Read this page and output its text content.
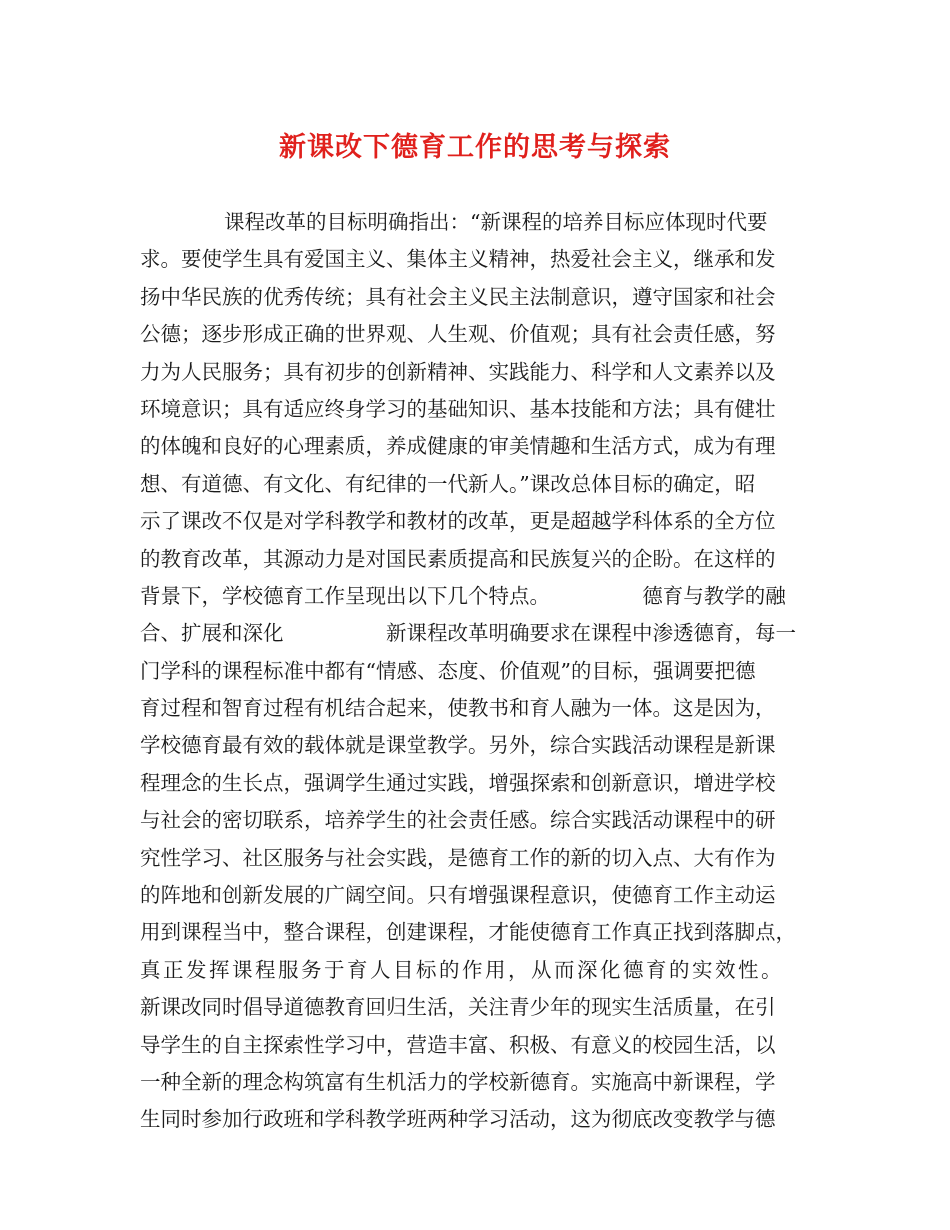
新课改下德育工作的思考与探索
课程改革的目标明确指出：“新课程的培养目标应体现时代要
求。要使学生具有爱国主义、集体主义精神，热爱社会主义，继承和发
扬中华民族的优秀传统；具有社会主义民主法制意识，遵守国家和社会
公德；逐步形成正确的世界观、人生观、价值观；具有社会责任感，努
力为人民服务；具有初步的创新精神、实践能力、科学和人文素养以及
环境意识；具有适应终身学习的基础知识、基本技能和方法；具有健壮
的体魄和良好的心理素质，养成健康的审美情趣和生活方式，成为有理
想、有道德、有文化、有纪律的一代新人。”课改总体目标的确定，昭
示了课改不仅是对学科教学和教材的改革，更是超越学科体系的全方位
的教育改革，其源动力是对国民素质提高和民族复兴的企盼。在这样的
背景下，学校德育工作呈现出以下几个特点。　　　　　德育与教学的融
合、扩展和深化　　　　　新课程改革明确要求在课程中渗透德育，每一
门学科的课程标准中都有“情感、态度、价值观”的目标，强调要把德
育过程和智育过程有机结合起来，使教书和育人融为一体。这是因为，
学校德育最有效的载体就是课堂教学。另外，综合实践活动课程是新课
程理念的生长点，强调学生通过实践，增强探索和创新意识，增进学校
与社会的密切联系，培养学生的社会责任感。综合实践活动课程中的研
究性学习、社区服务与社会实践，是德育工作的新的切入点、大有作为
的阵地和创新发展的广阔空间。只有增强课程意识，使德育工作主动运
用到课程当中，整合课程，创建课程，才能使德育工作真正找到落脚点，
真正发挥课程服务于育人目标的作用，从而深化德育的实效性。
新课改同时倡导道德教育回归生活，关注青少年的现实生活质量，在引
导学生的自主探索性学习中，营造丰富、积极、有意义的校园生活，以
一种全新的理念构筑富有生机活力的学校新德育。实施高中新课程，学
生同时参加行政班和学科教学班两种学习活动，这为彻底改变教学与德
